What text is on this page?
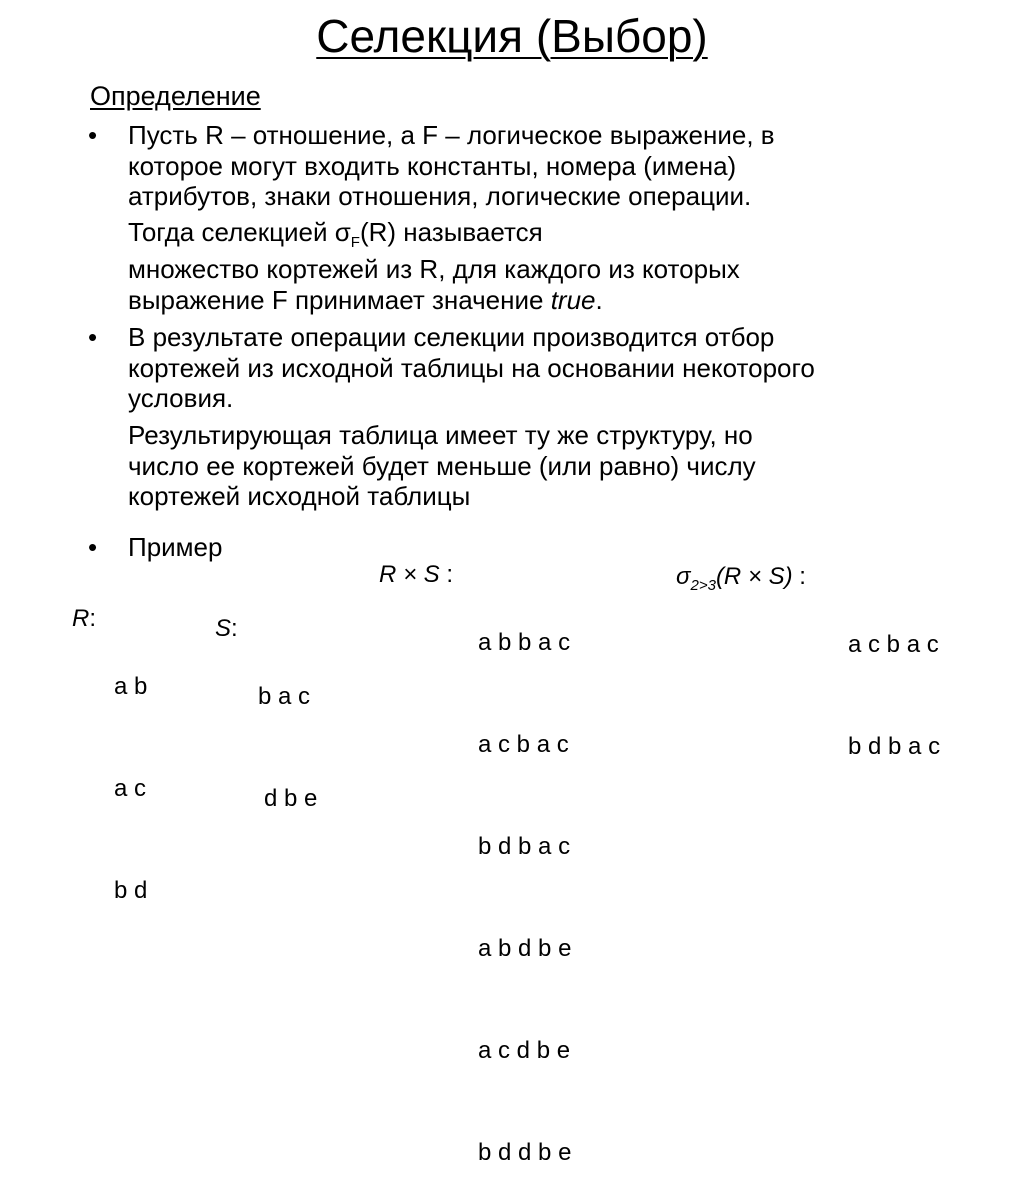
Селекция (Выбор)
Определение
• Пусть R – отношение, а F – логическое выражение, в
которое могут входить константы, номера (имена)
атрибутов, знаки отношения, логические операции.
Тогда селекцией $\sigma_F(R)$ называется
множество кортежей из R, для каждого из которых
выражение F принимает значение true.
• В результате операции селекции производится отбор
кортежей из исходной таблицы на основании некоторого
условия.
Результирующая таблица имеет ту же структуру, но
число ее кортежей будет меньше (или равно) числу
кортежей исходной таблицы
• Пример
R:

a b

a c

b d

S:

b a c

d b e

R × S :

a b b a c

a c b a c

b d b a c

a b d b e

a c d b e

b d d b e

$\sigma_{2>3}(R \times S)$ :

a c b a c

b d b a c
